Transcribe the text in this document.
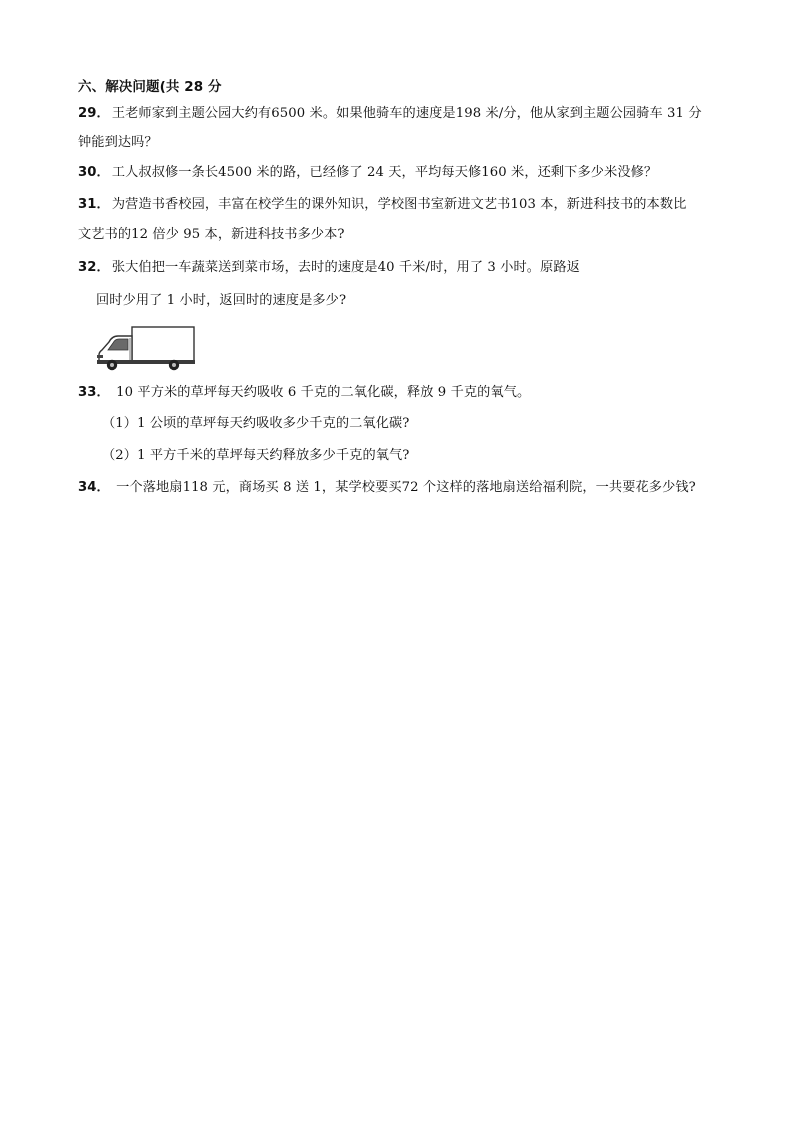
六、解决问题(共 28 分
29． 王老师家到主题公园大约有6500 米。如果他骑车的速度是198 米/分，他从家到主题公园骑车 31 分
钟能到达吗？
30． 工人叔叔修一条长4500 米的路，已经修了 24 天，平均每天修160 米，还剩下多少米没修？
31． 为营造书香校园，丰富在校学生的课外知识，学校图书室新进文艺书103 本，新进科技书的本数比
文艺书的12 倍少 95 本，新进科技书多少本?
32． 张大伯把一车蔬菜送到菜市场，去时的速度是40 千米/时，用了 3 小时。原路返
回时少用了 1 小时，返回时的速度是多少?
33． 10 平方米的草坪每天约吸收 6 千克的二氧化碳，释放 9 千克的氧气。
（1）1 公顷的草坪每天约吸收多少千克的二氧化碳?
（2）1 平方千米的草坪每天约释放多少千克的氧气?
34． 一个落地扇118 元，商场买 8 送 1，某学校要买72 个这样的落地扇送给福利院，一共要花多少钱?
